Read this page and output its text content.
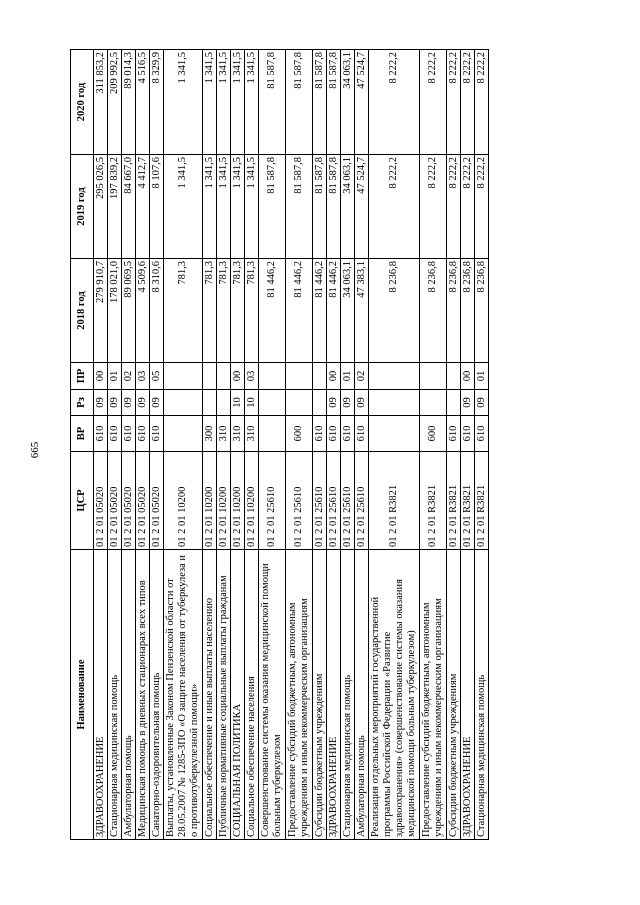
665
Наименование	ЦСР	ВР	Рз	ПР	2018 год	2019 год	2020 год
ЗДРАВООХРАНЕНИЕ	01 2 01 05020	610	09	00	279 910,7	295 026,5	311 853,2
Стационарная медицинская помощь	01 2 01 05020	610	09	01	178 021,0	197 839,2	209 992,5
Амбулаторная помощь	01 2 01 05020	610	09	02	89 069,5	84 667,0	89 014,3
Медицинская помощь в дневных стационарах всех типов	01 2 01 05020	610	09	03	4 509,6	4 412,7	4 516,5
Санаторно-оздоровительная помощь	01 2 01 05020	610	09	05	8 310,6	8 107,6	8 329,9
Выплаты, установленные Законом Пензенской области от 28.05.2007 № 1285-ЗПО «О защите населения от туберкулеза и о противотуберкулезной помощи»	01 2 01 10200				781,3	1 341,5	1 341,5
Социальное обеспечение и иные выплаты населению	01 2 01 10200	300			781,3	1 341,5	1 341,5
Публичные нормативные социальные выплаты гражданам	01 2 01 10200	310			781,3	1 341,5	1 341,5
СОЦИАЛЬНАЯ ПОЛИТИКА	01 2 01 10200	310	10	00	781,3	1 341,5	1 341,5
Социальное обеспечение населения	01 2 01 10200	310	10	03	781,3	1 341,5	1 341,5
Совершенствование системы оказания медицинской помощи больным туберкулезом	01 2 01 25610				81 446,2	81 587,8	81 587,8
Предоставление субсидий бюджетным, автономным учреждениям и иным некоммерческим организациям	01 2 01 25610	600			81 446,2	81 587,8	81 587,8
Субсидии бюджетным учреждениям	01 2 01 25610	610			81 446,2	81 587,8	81 587,8
ЗДРАВООХРАНЕНИЕ	01 2 01 25610	610	09	00	81 446,2	81 587,8	81 587,8
Стационарная медицинская помощь	01 2 01 25610	610	09	01	34 063,1	34 063,1	34 063,1
Амбулаторная помощь	01 2 01 25610	610	09	02	47 383,1	47 524,7	47 524,7
Реализация отдельных мероприятий государственной программы Российской Федерации «Развитие здравоохранения» (совершенствование системы оказания медицинской помощи больным туберкулезом)	01 2 01 R3821				8 236,8	8 222,2	8 222,2
Предоставление субсидий бюджетным, автономным учреждениям и иным некоммерческим организациям	01 2 01 R3821	600			8 236,8	8 222,2	8 222,2
Субсидии бюджетным учреждениям	01 2 01 R3821	610			8 236,8	8 222,2	8 222,2
ЗДРАВООХРАНЕНИЕ	01 2 01 R3821	610	09	00	8 236,8	8 222,2	8 222,2
Стационарная медицинская помощь	01 2 01 R3821	610	09	01	8 236,8	8 222,2	8 222,2
